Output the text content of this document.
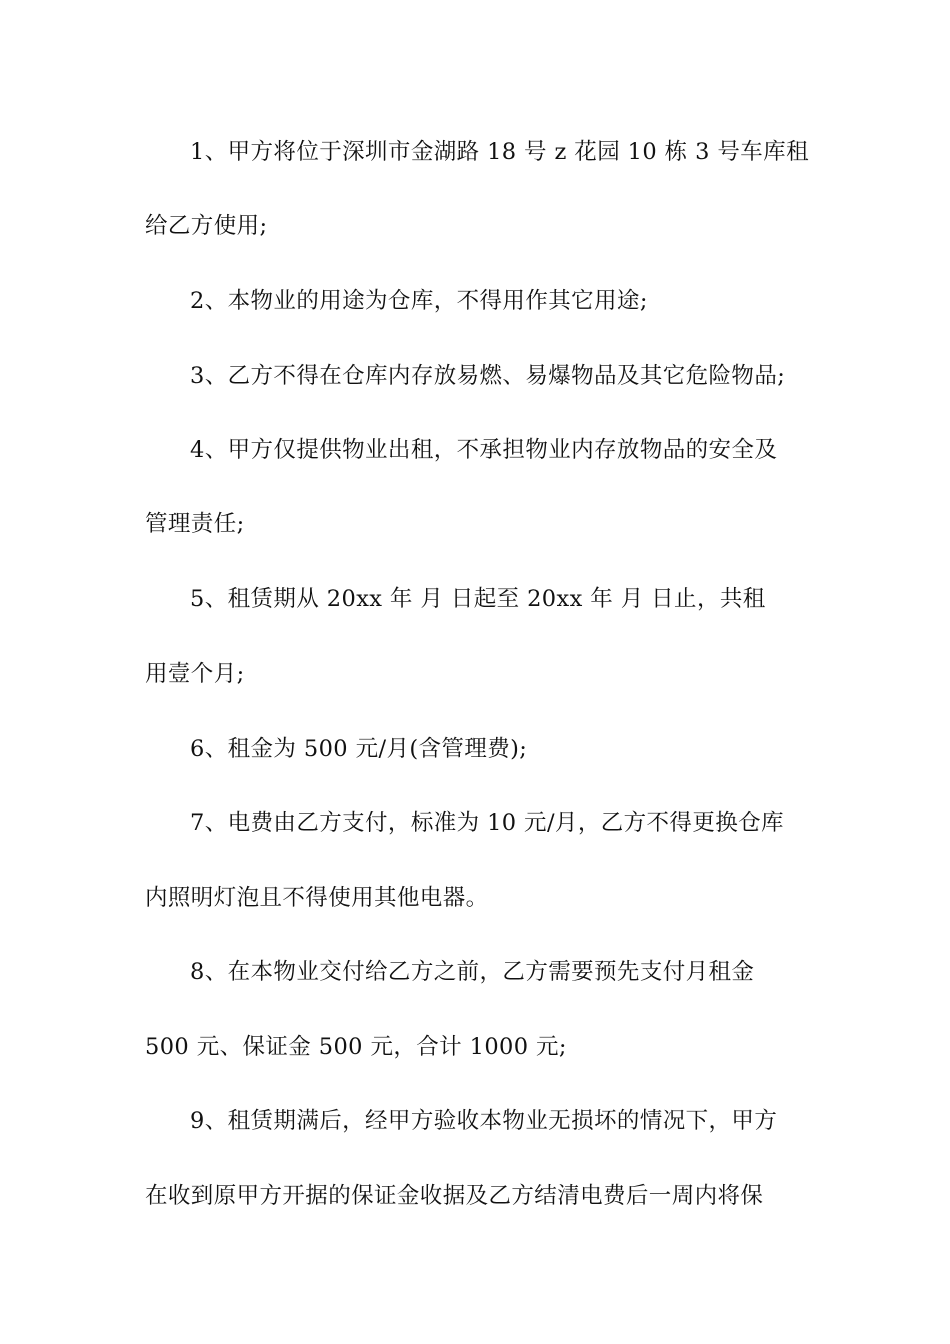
1、甲方将位于深圳市金湖路 18 号 z 花园 10 栋 3 号车库租
给乙方使用;
2、本物业的用途为仓库，不得用作其它用途;
3、乙方不得在仓库内存放易燃、易爆物品及其它危险物品;
4、甲方仅提供物业出租，不承担物业内存放物品的安全及
管理责任;
5、租赁期从 20xx 年 月 日起至 20xx 年 月 日止，共租
用壹个月;
6、租金为 500 元/月(含管理费);
7、电费由乙方支付，标准为 10 元/月，乙方不得更换仓库
内照明灯泡且不得使用其他电器。
8、在本物业交付给乙方之前，乙方需要预先支付月租金
500 元、保证金 500 元，合计 1000 元;
9、租赁期满后，经甲方验收本物业无损坏的情况下，甲方
在收到原甲方开据的保证金收据及乙方结清电费后一周内将保
